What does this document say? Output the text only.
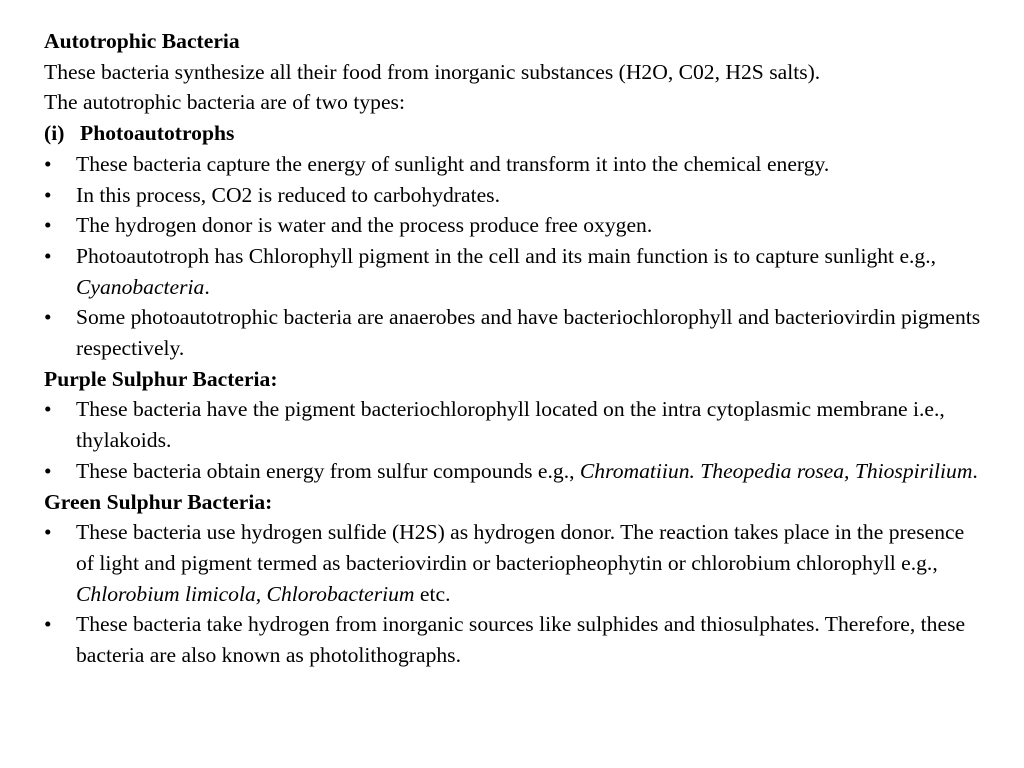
Autotrophic Bacteria

These bacteria synthesize all their food from inorganic substances (H2O, C02, H2S salts).

The autotrophic bacteria are of two types:

(i) Photoautotrophs

•	These bacteria capture the energy of sunlight and transform it into the chemical energy.
•	In this process, CO2 is reduced to carbohydrates.
•	The hydrogen donor is water and the process produce free oxygen.
•	Photoautotroph has Chlorophyll pigment in the cell and its main function is to capture sunlight e.g., Cyanobacteria.
•	Some photoautotrophic bacteria are anaerobes and have bacteriochlorophyll and bacteriovirdin pigments respectively.

Purple Sulphur Bacteria:

•	These bacteria have the pigment bacteriochlorophyll located on the intra cytoplasmic membrane i.e., thylakoids.
•	These bacteria obtain energy from sulfur compounds e.g., Chromatiiun. Theopedia rosea, Thiospirilium.

Green Sulphur Bacteria:

•	These bacteria use hydrogen sulfide (H2S) as hydrogen donor. The reaction takes place in the presence of light and pigment termed as bacteriovirdin or bacteriopheophytin or chlorobium chlorophyll e.g., Chlorobium limicola, Chlorobacterium etc.
•	These bacteria take hydrogen from inorganic sources like sulphides and thiosulphates. Therefore, these bacteria are also known as photolithographs.
